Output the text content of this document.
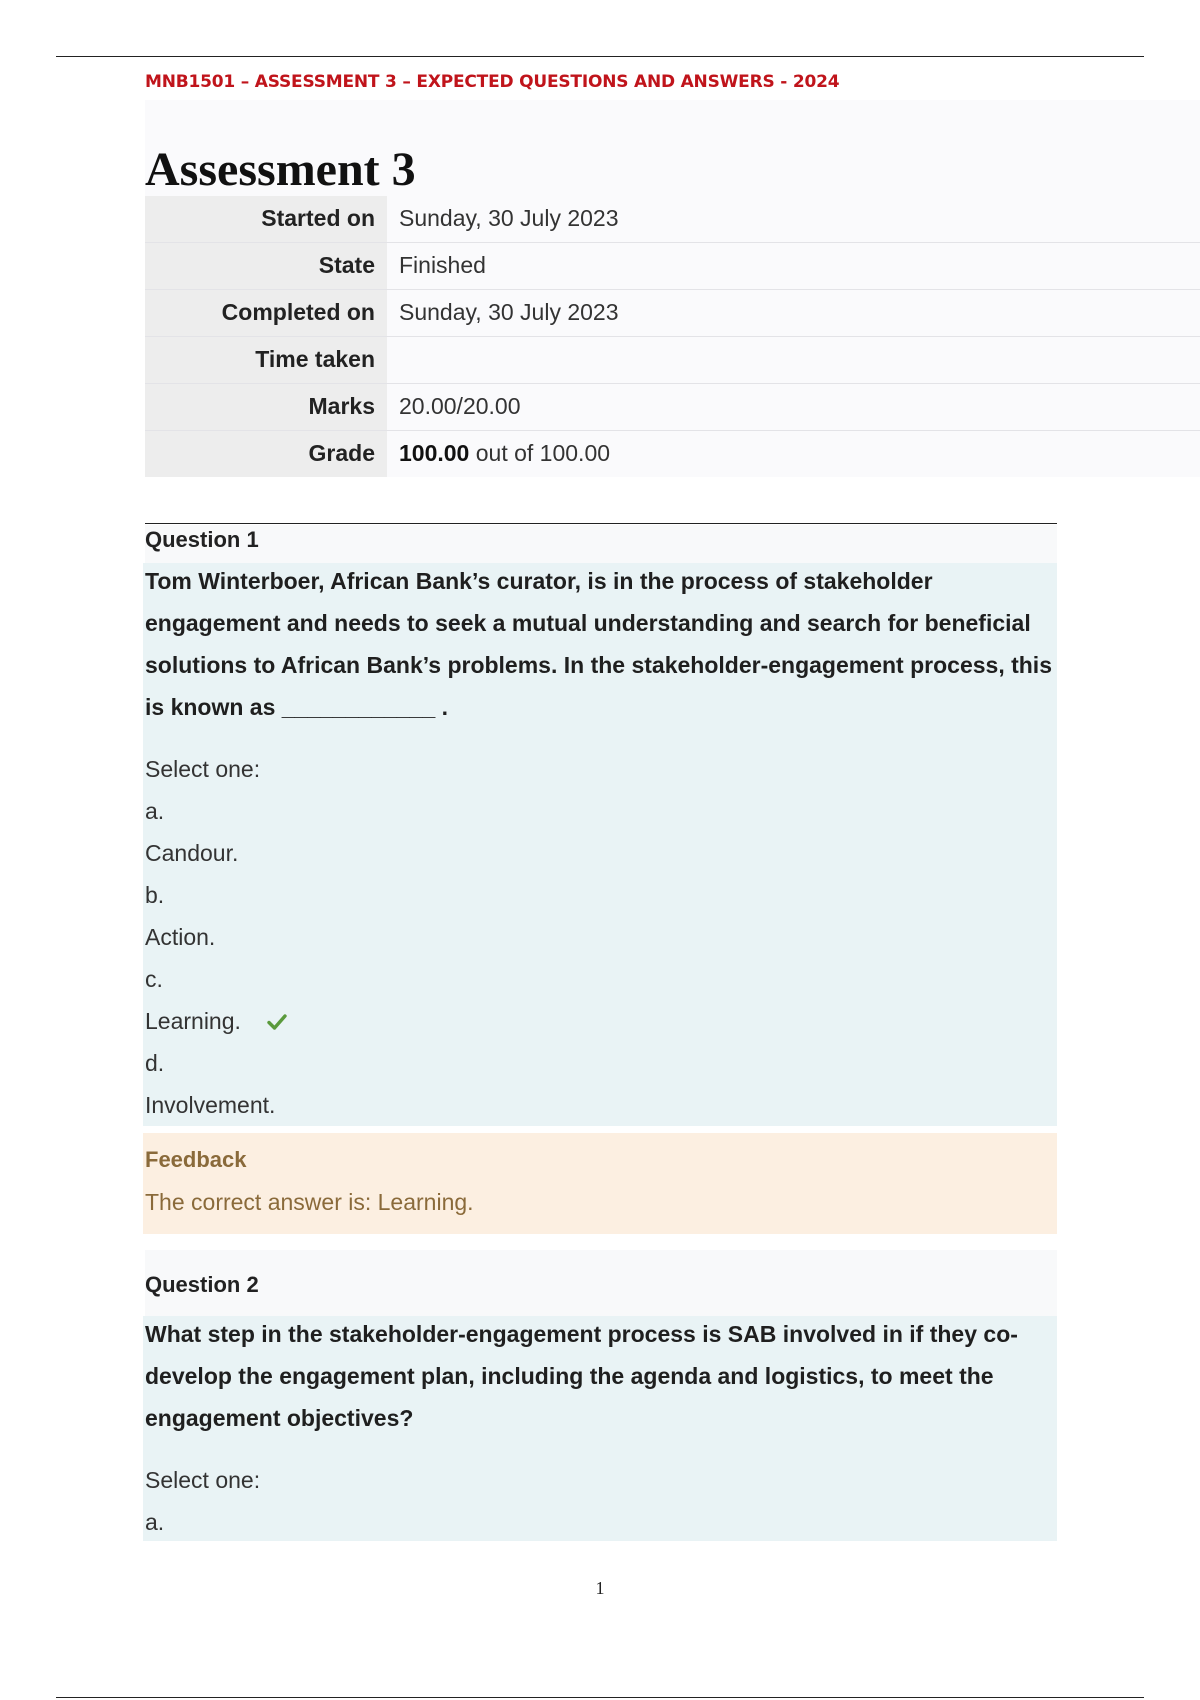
MNB1501 – ASSESSMENT 3 – EXPECTED QUESTIONS AND ANSWERS - 2024
Assessment 3
Started on	Sunday, 30 July 2023
State	Finished
Completed on	Sunday, 30 July 2023
Time taken
Marks	20.00/20.00
Grade	100.00 out of 100.00
Question 1

Tom Winterboer, African Bank’s curator, is in the process of stakeholder engagement and needs to seek a mutual understanding and search for beneficial solutions to African Bank’s problems. In the stakeholder-engagement process, this is known as ____________ .

Select one:

a.
Candour.
b.
Action.
c.
Learning.
d.
Involvement.
Feedback
The correct answer is: Learning.
Question 2

What step in the stakeholder-engagement process is SAB involved in if they co-develop the engagement plan, including the agenda and logistics, to meet the engagement objectives?

Select one:

a.
1
